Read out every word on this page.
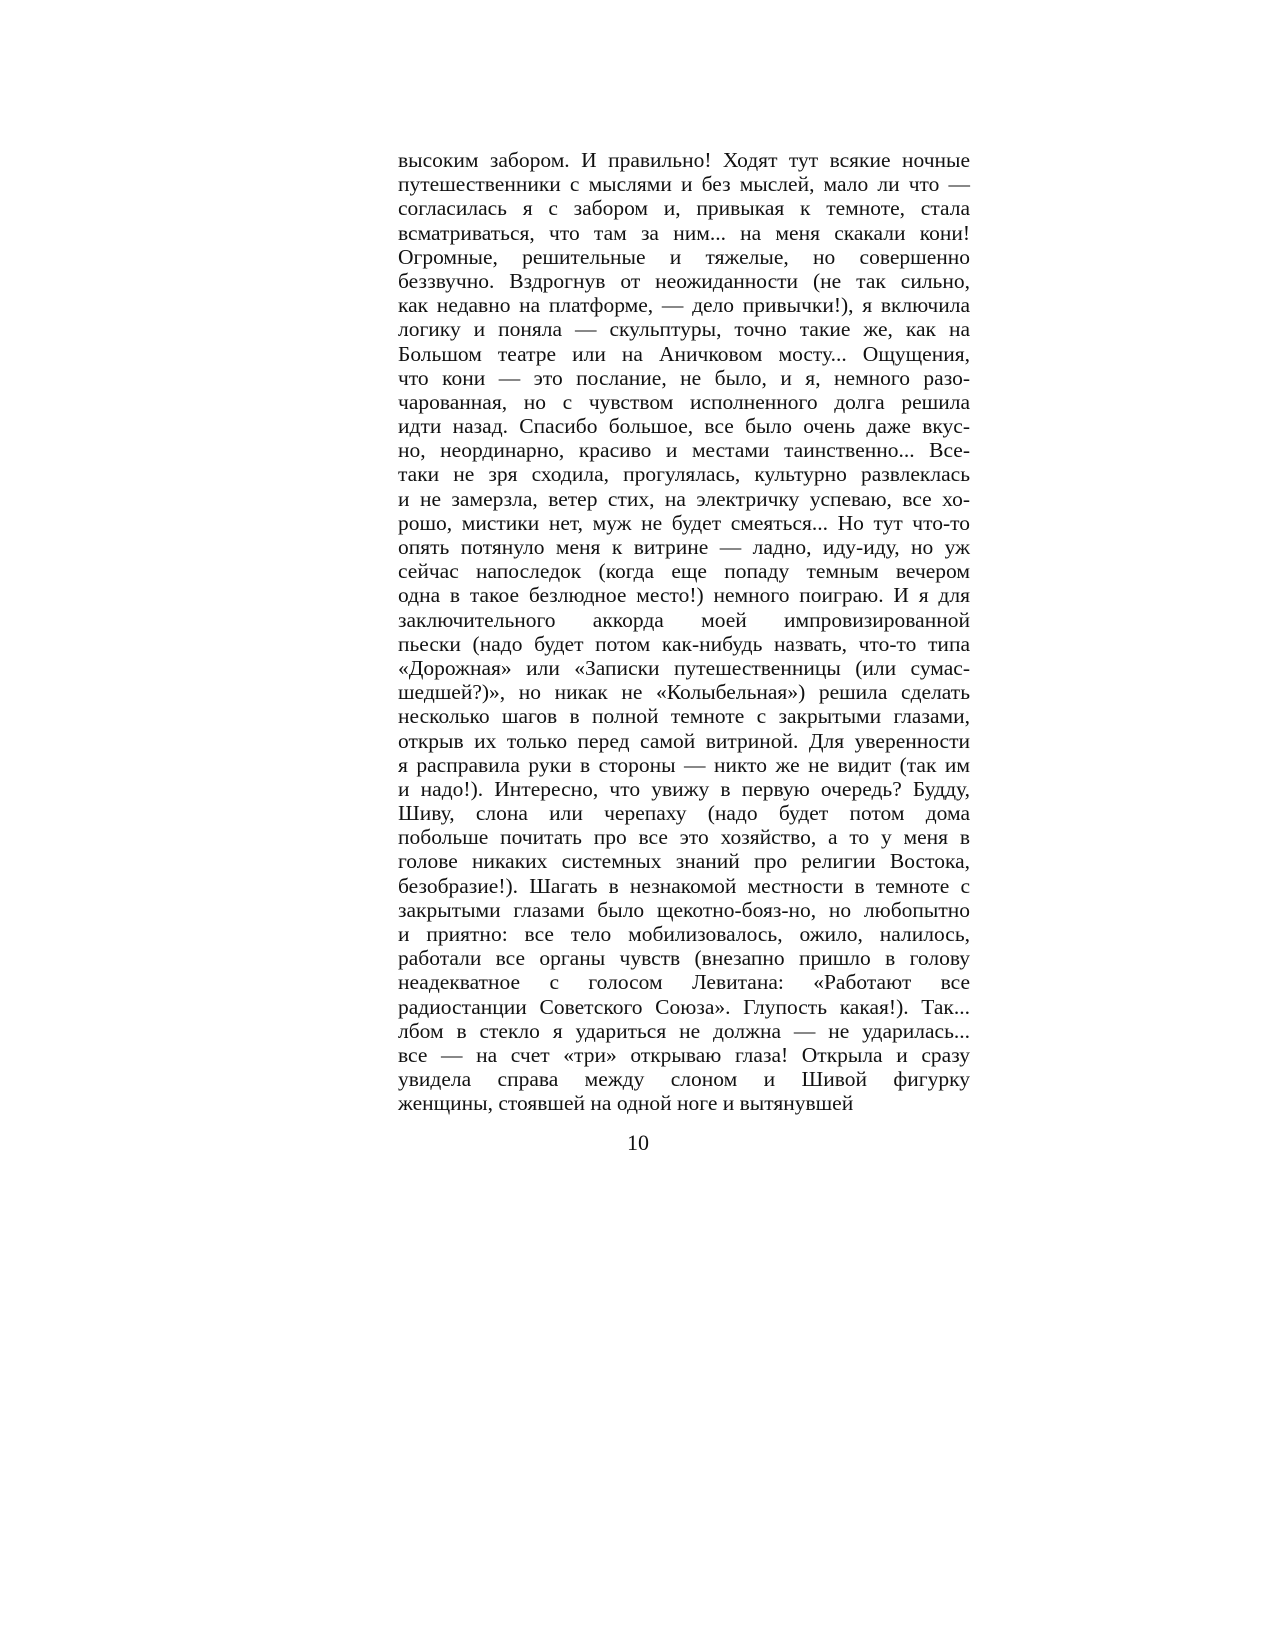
высоким забором. И правильно! Ходят тут всякие ночные
путешественники с мыслями и без мыслей, мало ли что —
согласилась я с забором и, привыкая к темноте, стала
всматриваться, что там за ним... на меня скакали кони!
Огромные, решительные и тяжелые, но совершенно
беззвучно. Вздрогнув от неожиданности (не так сильно,
как недавно на платформе, — дело привычки!), я включила
логику и поняла — скульптуры, точно такие же, как на
Большом театре или на Аничковом мосту... Ощущения,
что кони — это послание, не было, и я, немного разо-
чарованная, но с чувством исполненного долга решила
идти назад. Спасибо большое, все было очень даже вкус-
но, неординарно, красиво и местами таинственно... Все-
таки не зря сходила, прогулялась, культурно развлеклась
и не замерзла, ветер стих, на электричку успеваю, все хо-
рошо, мистики нет, муж не будет смеяться... Но тут что-то
опять потянуло меня к витрине — ладно, иду-иду, но уж
сейчас напоследок (когда еще попаду темным вечером
одна в такое безлюдное место!) немного поиграю. И я для
заключительного аккорда моей импровизированной
пьески (надо будет потом как-нибудь назвать, что-то типа
«Дорожная» или «Записки путешественницы (или сумас-
шедшей?)», но никак не «Колыбельная») решила сделать
несколько шагов в полной темноте с закрытыми глазами,
открыв их только перед самой витриной. Для уверенности
я расправила руки в стороны — никто же не видит (так им
и надо!). Интересно, что увижу в первую очередь? Будду,
Шиву, слона или черепаху (надо будет потом дома
побольше почитать про все это хозяйство, а то у меня в
голове никаких системных знаний про религии Востока,
безобразие!). Шагать в незнакомой местности в темноте с
закрытыми глазами было щекотно-бояз-но, но любопытно
и приятно: все тело мобилизовалось, ожило, налилось,
работали все органы чувств (внезапно пришло в голову
неадекватное с голосом Левитана: «Работают все
радиостанции Советского Союза». Глупость какая!). Так...
лбом в стекло я удариться не должна — не ударилась...
все — на счет «три» открываю глаза! Открыла и сразу
увидела справа между слоном и Шивой фигурку
женщины, стоявшей на одной ноге и вытянувшей
10
